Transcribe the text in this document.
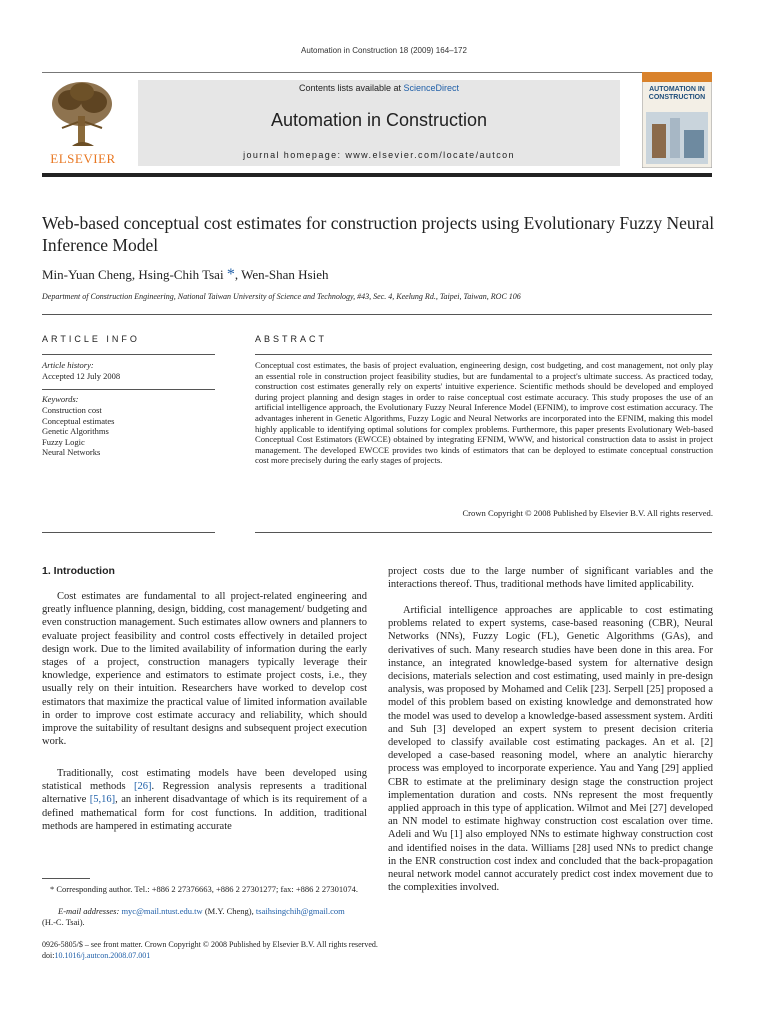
Automation in Construction 18 (2009) 164–172
ELSEVIER
Contents lists available at ScienceDirect
Automation in Construction
journal homepage: www.elsevier.com/locate/autcon
AUTOMATION IN
CONSTRUCTION
Web-based conceptual cost estimates for construction projects using Evolutionary Fuzzy Neural Inference Model
Min-Yuan Cheng, Hsing-Chih Tsai *, Wen-Shan Hsieh
Department of Construction Engineering, National Taiwan University of Science and Technology, #43, Sec. 4, Keelung Rd., Taipei, Taiwan, ROC 106
ARTICLE INFO
Article history:
Accepted 12 July 2008
Keywords:
Construction cost
Conceptual estimates
Genetic Algorithms
Fuzzy Logic
Neural Networks
ABSTRACT
Conceptual cost estimates, the basis of project evaluation, engineering design, cost budgeting, and cost management, not only play an essential role in construction project feasibility studies, but are fundamental to a project's ultimate success. As practiced today, construction cost estimates generally rely on experts' intuitive experience. Scientific methods should be developed and employed during project planning and design stages in order to raise conceptual cost estimate accuracy. This study proposes the use of an artificial intelligence approach, the Evolutionary Fuzzy Neural Inference Model (EFNIM), to improve cost estimation accuracy. The advantages inherent in Genetic Algorithms, Fuzzy Logic and Neural Networks are incorporated into the EFNIM, making this model highly applicable to identifying optimal solutions for complex problems. Furthermore, this paper presents Evolutionary Web-based Conceptual Cost Estimators (EWCCE) obtained by integrating EFNIM, WWW, and historical construction data to assist in project management. The developed EWCCE provides two kinds of estimators that can be deployed to estimate conceptual construction cost more precisely during the early stages of projects.
Crown Copyright © 2008 Published by Elsevier B.V. All rights reserved.
1. Introduction
Cost estimates are fundamental to all project-related engineering and greatly influence planning, design, bidding, cost management/ budgeting and even construction management. Such estimates allow owners and planners to evaluate project feasibility and control costs effectively in detailed project design work. Due to the limited availability of information during the early stages of a project, construction managers typically leverage their knowledge, experience and estimators to estimate project costs, i.e., they usually rely on their intuition. Researchers have worked to develop cost estimators that maximize the practical value of limited information available in order to improve cost estimate accuracy and reliability, which should improve the suitability of resultant designs and subsequent project execution work.
Traditionally, cost estimating models have been developed using statistical methods [26]. Regression analysis represents a traditional alternative [5,16], an inherent disadvantage of which is its requirement of a defined mathematical form for cost functions. In addition, traditional methods are hampered in estimating accurate
* Corresponding author. Tel.: +886 2 27376663, +886 2 27301277; fax: +886 2 27301074.
E-mail addresses: myc@mail.ntust.edu.tw (M.Y. Cheng), tsaihsingchih@gmail.com
(H.-C. Tsai).
project costs due to the large number of significant variables and the interactions thereof. Thus, traditional methods have limited applicability.
Artificial intelligence approaches are applicable to cost estimating problems related to expert systems, case-based reasoning (CBR), Neural Networks (NNs), Fuzzy Logic (FL), Genetic Algorithms (GAs), and derivatives of such. Many research studies have been done in this area. For instance, an integrated knowledge-based system for alternative design decisions, materials selection and cost estimating, used mainly in pre-design analysis, was proposed by Mohamed and Celik [23]. Serpell [25] proposed a model of this problem based on existing knowledge and demonstrated how the model was used to develop a knowledge-based assessment system. Arditi and Suh [3] developed an expert system to present decision criteria developed to classify available cost estimating packages. An et al. [2] developed a case-based reasoning model, where an analytic hierarchy process was employed to incorporate experience. Yau and Yang [29] applied CBR to estimate at the preliminary design stage the construction project implementation duration and costs. NNs represent the most frequently applied approach in this type of application. Wilmot and Mei [27] developed an NN model to estimate highway construction cost escalation over time. Adeli and Wu [1] also employed NNs to estimate highway construction cost and identified noises in the data. Williams [28] used NNs to predict change in the ENR construction cost index and concluded that the back-propagation neural network model cannot accurately predict cost index movement due to the complexities involved.
0926-5805/$ – see front matter. Crown Copyright © 2008 Published by Elsevier B.V. All rights reserved.
doi:10.1016/j.autcon.2008.07.001
